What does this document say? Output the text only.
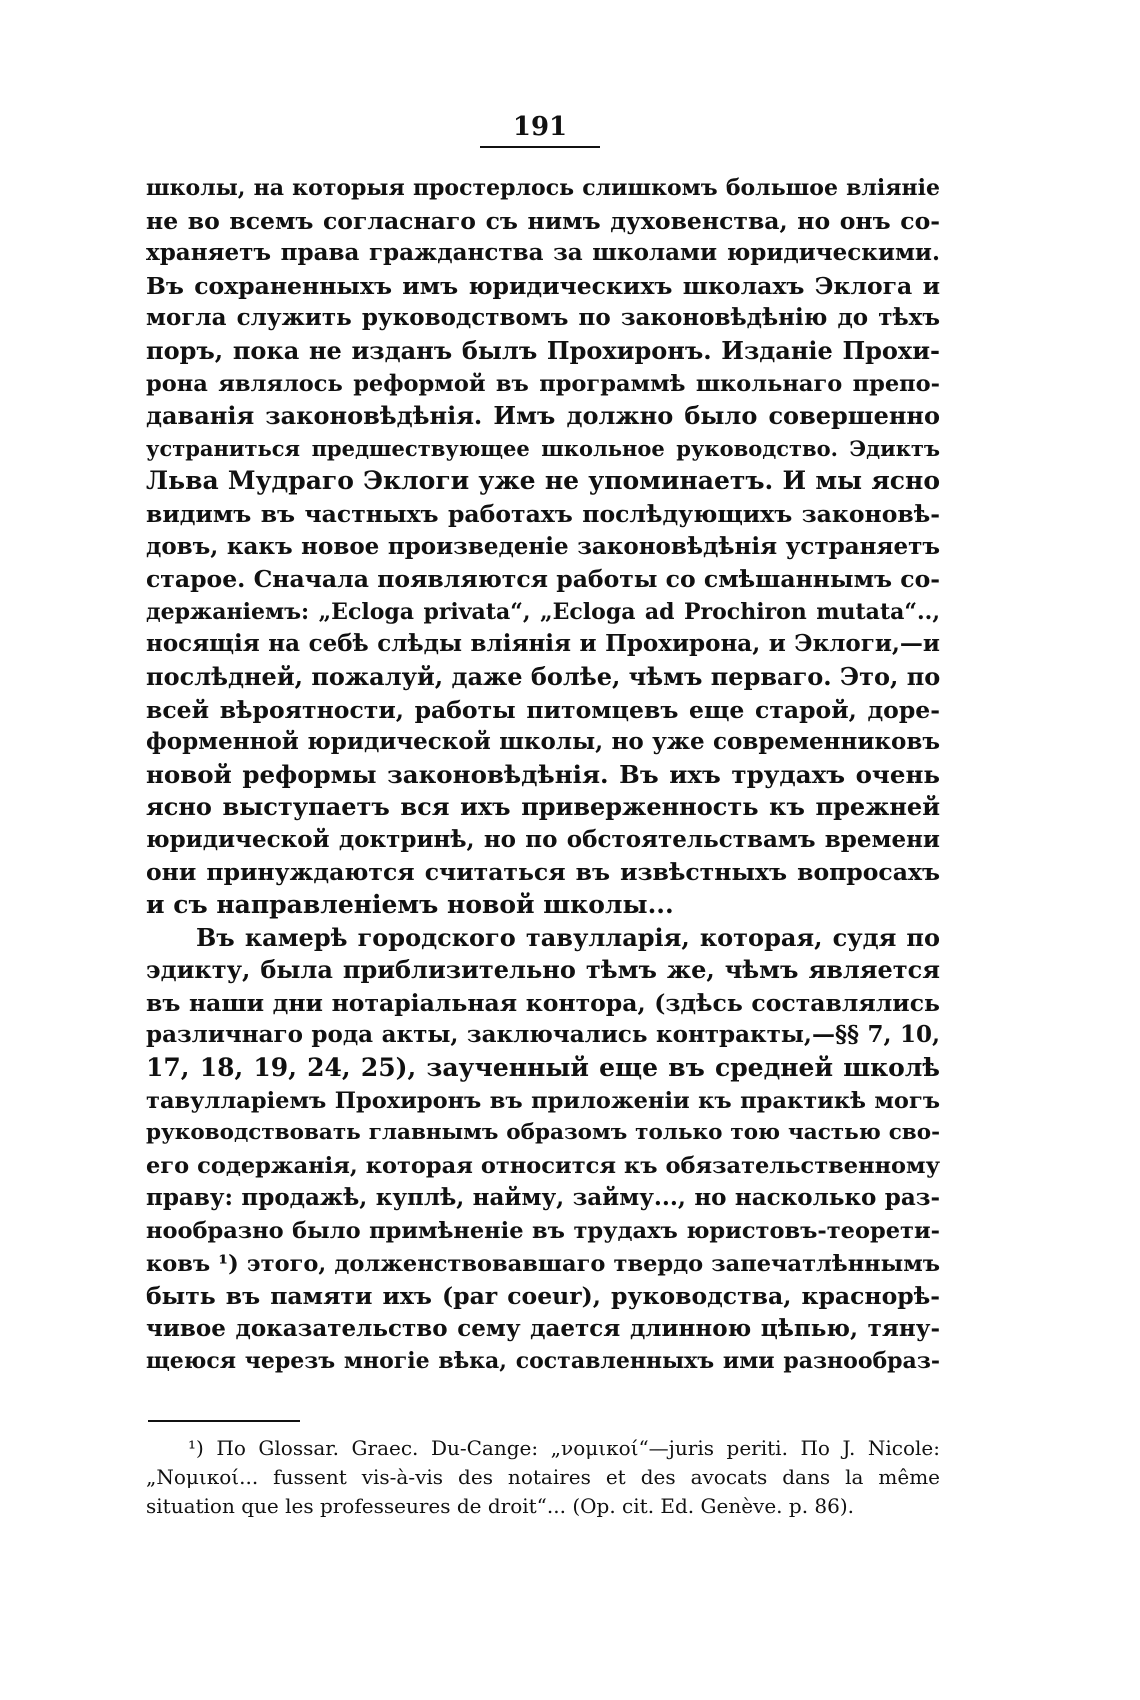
191
школы, на которыя простерлось слишкомъ большое вліяніе
не во всемъ согласнаго съ нимъ духовенства, но онъ со-
храняетъ права гражданства за школами юридическими.
Въ сохраненныхъ имъ юридическихъ школахъ Эклога и
могла служить руководствомъ по законовѣдѣнію до тѣхъ
поръ, пока не изданъ былъ Прохиронъ. Изданіе Прохи-
рона являлось реформой въ программѣ школьнаго препо-
даванія законовѣдѣнія. Имъ должно было совершенно
устраниться предшествующее школьное руководство. Эдиктъ
Льва Мудраго Эклоги уже не упоминаетъ. И мы ясно
видимъ въ частныхъ работахъ послѣдующихъ законовѣ-
довъ, какъ новое произведеніе законовѣдѣнія устраняетъ
старое. Сначала появляются работы со смѣшаннымъ со-
держаніемъ: „Ecloga privata“, „Ecloga ad Prochiron mutata“..,
носящія на себѣ слѣды вліянія и Прохирона, и Эклоги,—и
послѣдней, пожалуй, даже болѣе, чѣмъ перваго. Это, по
всей вѣроятности, работы питомцевъ еще старой, доре-
форменной юридической школы, но уже современниковъ
новой реформы законовѣдѣнія. Въ ихъ трудахъ очень
ясно выступаетъ вся ихъ приверженность къ прежней
юридической доктринѣ, но по обстоятельствамъ времени
они принуждаются считаться въ извѣстныхъ вопросахъ
и съ направленіемъ новой школы...
Въ камерѣ городского тавулларія, которая, судя по
эдикту, была приблизительно тѣмъ же, чѣмъ является
въ наши дни нотаріальная контора, (здѣсь составлялись
различнаго рода акты, заключались контракты,—§§ 7, 10,
17, 18, 19, 24, 25), заученный еще въ средней школѣ
тавулларіемъ Прохиронъ въ приложеніи къ практикѣ могъ
руководствовать главнымъ образомъ только тою частью сво-
его содержанія, которая относится къ обязательственному
праву: продажѣ, куплѣ, найму, займу..., но насколько раз-
нообразно было примѣненіе въ трудахъ юристовъ-теорети-
ковъ ¹) этого, долженствовавшаго твердо запечатлѣннымъ
быть въ памяти ихъ (par coeur), руководства, краснорѣ-
чивое доказательство сему дается длинною цѣпью, тяну-
щеюся черезъ многіе вѣка, составленныхъ ими разнообраз-
¹) По Glossar. Graec. Du-Cange: „νομικοί“—juris periti. По J. Nicole:
„Νομικοί... fussent vis-à-vis des notaires et des avocats dans la même
situation que les professeures de droit“... (Op. cit. Ed. Genève. p. 86).
